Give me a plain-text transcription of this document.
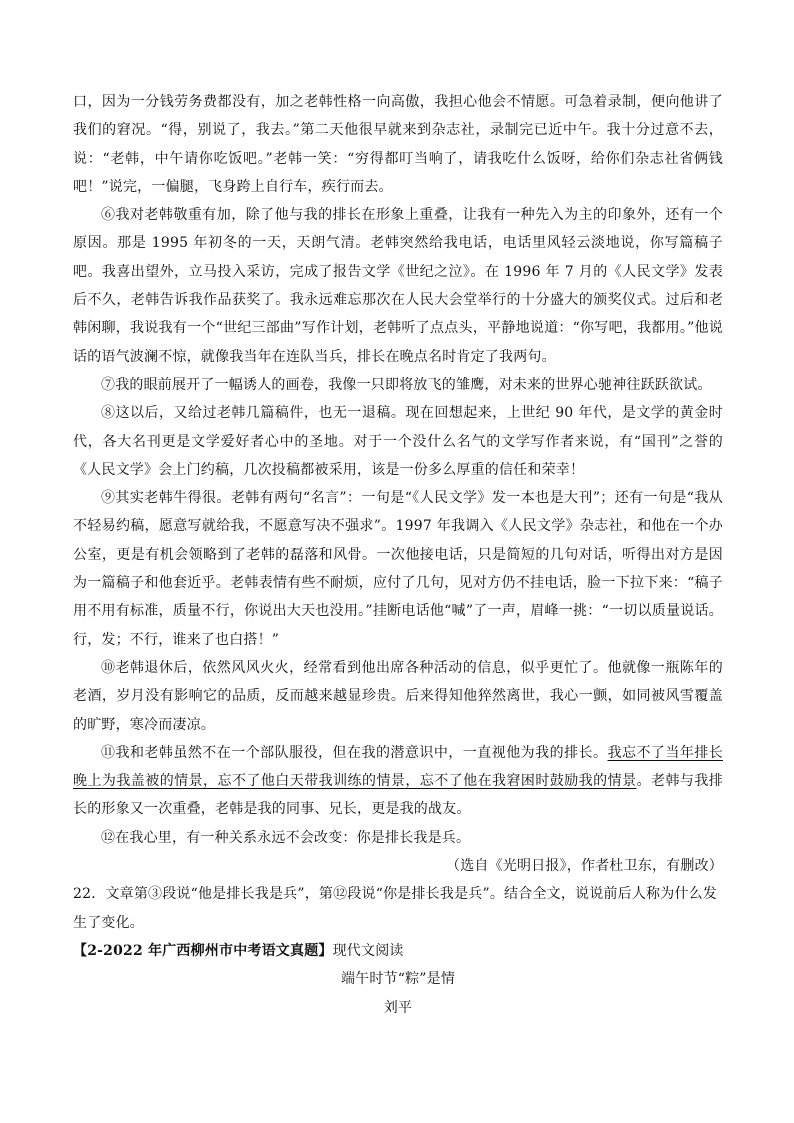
口，因为一分钱劳务费都没有，加之老韩性格一向高傲，我担心他会不情愿。可急着录制，便向他讲了我们的窘况。“得，别说了，我去。”第二天他很早就来到杂志社，录制完已近中午。我十分过意不去，说：“老韩，中午请你吃饭吧。”老韩一笑：“穷得都叮当响了，请我吃什么饭呀，给你们杂志社省俩钱吧！”说完，一偏腿，飞身跨上自行车，疾行而去。

⑥我对老韩敬重有加，除了他与我的排长在形象上重叠，让我有一种先入为主的印象外，还有一个原因。那是 1995 年初冬的一天，天朗气清。老韩突然给我电话，电话里风轻云淡地说，你写篇稿子吧。我喜出望外，立马投入采访，完成了报告文学《世纪之泣》。在 1996 年 7 月的《人民文学》发表后不久，老韩告诉我作品获奖了。我永远难忘那次在人民大会堂举行的十分盛大的颁奖仪式。过后和老韩闲聊，我说我有一个“世纪三部曲”写作计划，老韩听了点点头，平静地说道：“你写吧，我都用。”他说话的语气波澜不惊，就像我当年在连队当兵，排长在晚点名时肯定了我两句。

⑦我的眼前展开了一幅诱人的画卷，我像一只即将放飞的雏鹰，对未来的世界心驰神往跃跃欲试。

⑧这以后，又给过老韩几篇稿件，也无一退稿。现在回想起来，上世纪 90 年代，是文学的黄金时代，各大名刊更是文学爱好者心中的圣地。对于一个没什么名气的文学写作者来说，有“国刊”之誉的《人民文学》会上门约稿，几次投稿都被采用，该是一份多么厚重的信任和荣幸！

⑨其实老韩牛得很。老韩有两句“名言”：一句是“《人民文学》发一本也是大刊”；还有一句是“我从不轻易约稿，愿意写就给我，不愿意写决不强求”。1997 年我调入《人民文学》杂志社，和他在一个办公室，更是有机会领略到了老韩的磊落和风骨。一次他接电话，只是简短的几句对话，听得出对方是因为一篇稿子和他套近乎。老韩表情有些不耐烦，应付了几句，见对方仍不挂电话，脸一下拉下来：“稿子用不用有标准，质量不行，你说出大天也没用。”挂断电话他“喊”了一声，眉峰一挑：“一切以质量说话。行，发；不行，谁来了也白搭！”

⑩老韩退休后，依然风风火火，经常看到他出席各种活动的信息，似乎更忙了。他就像一瓶陈年的老酒，岁月没有影响它的品质，反而越来越显珍贵。后来得知他猝然离世，我心一颤，如同被风雪覆盖的旷野，寒冷而凄凉。

⑪我和老韩虽然不在一个部队服役，但在我的潜意识中，一直视他为我的排长。我忘不了当年排长晚上为我盖被的情景，忘不了他白天带我训练的情景，忘不了他在我窘困时鼓励我的情景。老韩与我排长的形象又一次重叠，老韩是我的同事、兄长，更是我的战友。

⑫在我心里，有一种关系永远不会改变：你是排长我是兵。

（选自《光明日报》，作者杜卫东，有删改）

22．文章第③段说“他是排长我是兵”，第⑫段说“你是排长我是兵”。结合全文，说说前后人称为什么发生了变化。

【2-2022 年广西柳州市中考语文真题】现代文阅读

端午时节“粽”是情

刘平
